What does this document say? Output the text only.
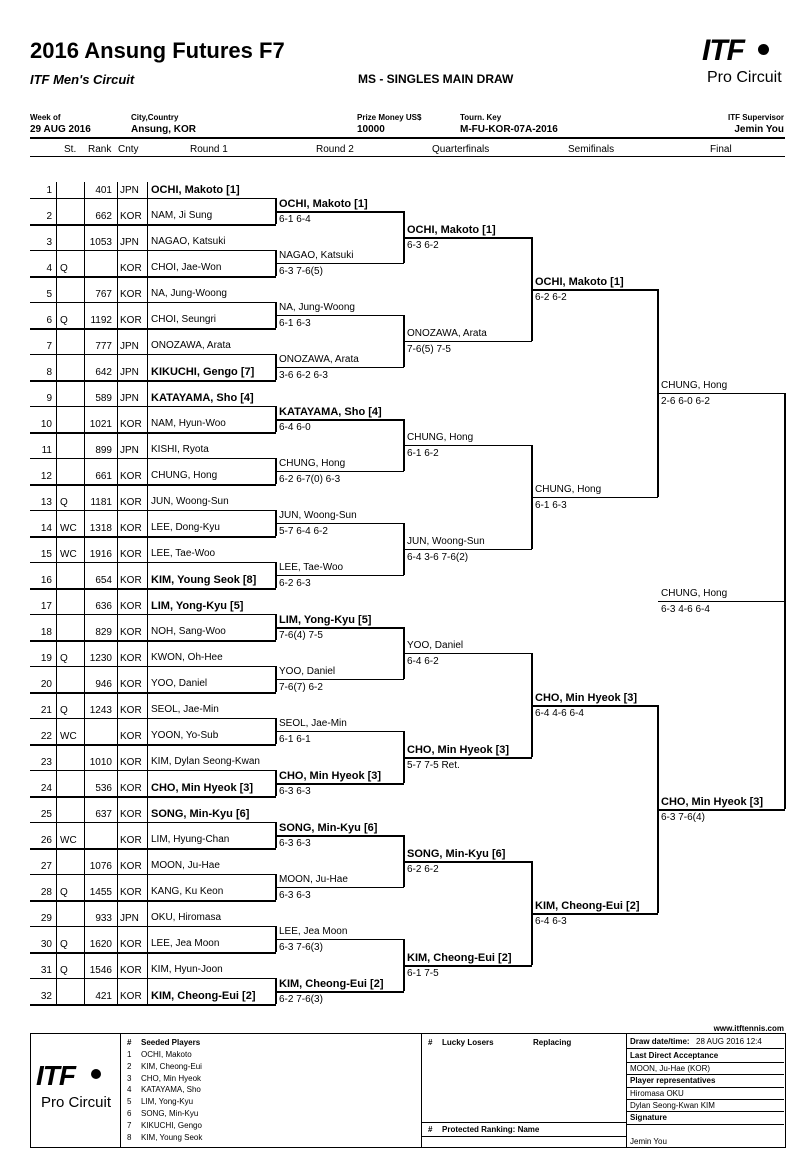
2016 Ansung Futures F7
ITF Men's Circuit	MS - SINGLES MAIN DRAW
ITF
Pro Circuit
Week of
29 AUG 2016
City,Country
Ansung, KOR
Prize Money US$
10000
Tourn. Key
M-FU-KOR-07A-2016
ITF Supervisor
Jemin You
St. Rank Cnty	Round 1	Round 2	Quarterfinals	Semifinals	Final
1	401 JPN OCHI, Makoto [1]
2	662 KOR NAM, Ji Sung
3	1053 JPN NAGAO, Katsuki
4 Q	KOR CHOI, Jae-Won
5	767 KOR NA, Jung-Woong
6 Q	1192 KOR CHOI, Seungri
7	777 JPN ONOZAWA, Arata
8	642 JPN KIKUCHI, Gengo [7]
9	589 JPN KATAYAMA, Sho [4]
10	1021 KOR NAM, Hyun-Woo
11	899 JPN KISHI, Ryota
12	661 KOR CHUNG, Hong
13 Q	1181 KOR JUN, Woong-Sun
14 WC	1318 KOR LEE, Dong-Kyu
15 WC	1916 KOR LEE, Tae-Woo
16	654 KOR KIM, Young Seok [8]
17	636 KOR LIM, Yong-Kyu [5]
18	829 KOR NOH, Sang-Woo
19 Q	1230 KOR KWON, Oh-Hee
20	946 KOR YOO, Daniel
21 Q	1243 KOR SEOL, Jae-Min
22 WC	KOR YOON, Yo-Sub
23	1010 KOR KIM, Dylan Seong-Kwan
24	536 KOR CHO, Min Hyeok [3]
25	637 KOR SONG, Min-Kyu [6]
26 WC	KOR LIM, Hyung-Chan
27	1076 KOR MOON, Ju-Hae
28 Q	1455 KOR KANG, Ku Keon
29	933 JPN OKU, Hiromasa
30 Q	1620 KOR LEE, Jea Moon
31 Q	1546 KOR KIM, Hyun-Joon
32	421 KOR KIM, Cheong-Eui [2]
OCHI, Makoto [1]
6-1 6-4
NAGAO, Katsuki
6-3 7-6(5)
NA, Jung-Woong
6-1 6-3
ONOZAWA, Arata
3-6 6-2 6-3
KATAYAMA, Sho [4]
6-4 6-0
CHUNG, Hong
6-2 6-7(0) 6-3
JUN, Woong-Sun
5-7 6-4 6-2
LEE, Tae-Woo
6-2 6-3
LIM, Yong-Kyu [5]
7-6(4) 7-5
YOO, Daniel
7-6(7) 6-2
SEOL, Jae-Min
6-1 6-1
CHO, Min Hyeok [3]
6-3 6-3
SONG, Min-Kyu [6]
6-3 6-3
MOON, Ju-Hae
6-3 6-3
LEE, Jea Moon
6-3 7-6(3)
KIM, Cheong-Eui [2]
6-2 7-6(3)
OCHI, Makoto [1]
6-3 6-2
ONOZAWA, Arata
7-6(5) 7-5
CHUNG, Hong
6-1 6-2
JUN, Woong-Sun
6-4 3-6 7-6(2)
YOO, Daniel
6-4 6-2
CHO, Min Hyeok [3]
5-7 7-5 Ret.
SONG, Min-Kyu [6]
6-2 6-2
KIM, Cheong-Eui [2]
6-1 7-5
OCHI, Makoto [1]
6-2 6-2
CHUNG, Hong
6-1 6-3
CHO, Min Hyeok [3]
6-4 4-6 6-4
KIM, Cheong-Eui [2]
6-4 6-3
CHUNG, Hong
2-6 6-0 6-2
CHO, Min Hyeok [3]
6-3 7-6(4)
CHUNG, Hong
6-3 4-6 6-4
www.itftennis.com
ITF
Pro Circuit
# Seeded Players
1 OCHI, Makoto
2 KIM, Cheong-Eui
3 CHO, Min Hyeok
4 KATAYAMA, Sho
5 LIM, Yong-Kyu
6 SONG, Min-Kyu
7 KIKUCHI, Gengo
8 KIM, Young Seok
# Lucky Losers	Replacing
# Protected Ranking: Name
Draw date/time: 28 AUG 2016 12:4
Last Direct Acceptance
MOON, Ju-Hae (KOR)
Player representatives
Hiromasa OKU
Dylan Seong-Kwan KIM
Signature
Jemin You
